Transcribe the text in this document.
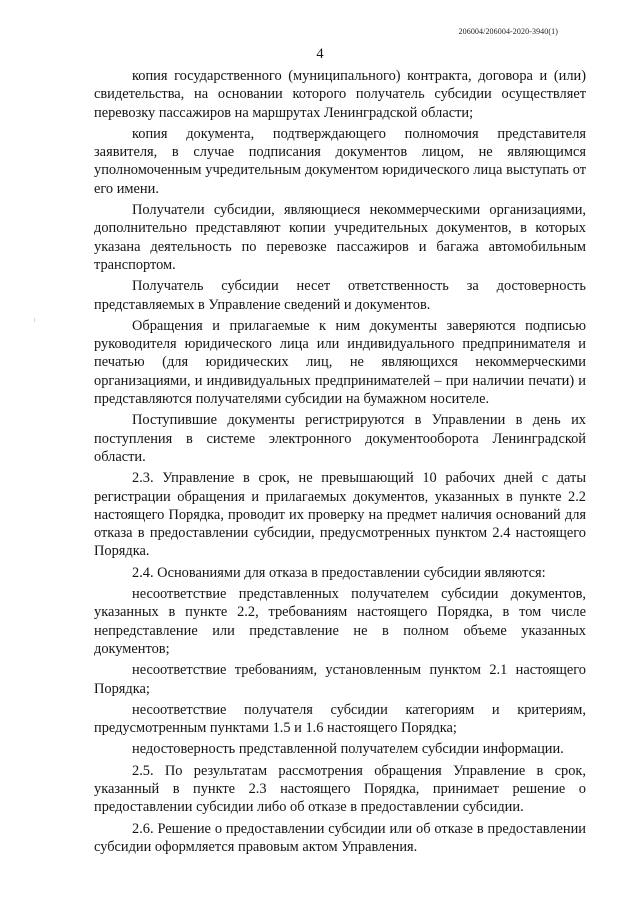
206004/206004-2020-3940(1)
4

копия государственного (муниципального) контракта, договора и (или) свидетельства, на основании которого получатель субсидии осуществляет перевозку пассажиров на маршрутах Ленинградской области;

копия документа, подтверждающего полномочия представителя заявителя, в случае подписания документов лицом, не являющимся уполномоченным учредительным документом юридического лица выступать от его имени.

Получатели субсидии, являющиеся некоммерческими организациями, дополнительно представляют копии учредительных документов, в которых указана деятельность по перевозке пассажиров и багажа автомобильным транспортом.

Получатель субсидии несет ответственность за достоверность представляемых в Управление сведений и документов.

Обращения и прилагаемые к ним документы заверяются подписью руководителя юридического лица или индивидуального предпринимателя и печатью (для юридических лиц, не являющихся некоммерческими организациями, и индивидуальных предпринимателей – при наличии печати) и представляются получателями субсидии на бумажном носителе.

Поступившие документы регистрируются в Управлении в день их поступления в системе электронного документооборота Ленинградской области.

2.3. Управление в срок, не превышающий 10 рабочих дней с даты регистрации обращения и прилагаемых документов, указанных в пункте 2.2 настоящего Порядка, проводит их проверку на предмет наличия оснований для отказа в предоставлении субсидии, предусмотренных пунктом 2.4 настоящего Порядка.

2.4. Основаниями для отказа в предоставлении субсидии являются:

несоответствие представленных получателем субсидии документов, указанных в пункте 2.2, требованиям настоящего Порядка, в том числе непредставление или представление не в полном объеме указанных документов;

несоответствие требованиям, установленным пунктом 2.1 настоящего Порядка;

несоответствие получателя субсидии категориям и критериям, предусмотренным пунктами 1.5 и 1.6 настоящего Порядка;

недостоверность представленной получателем субсидии информации.

2.5. По результатам рассмотрения обращения Управление в срок, указанный в пункте 2.3 настоящего Порядка, принимает решение о предоставлении субсидии либо об отказе в предоставлении субсидии.

2.6. Решение о предоставлении субсидии или об отказе в предоставлении субсидии оформляется правовым актом Управления.
